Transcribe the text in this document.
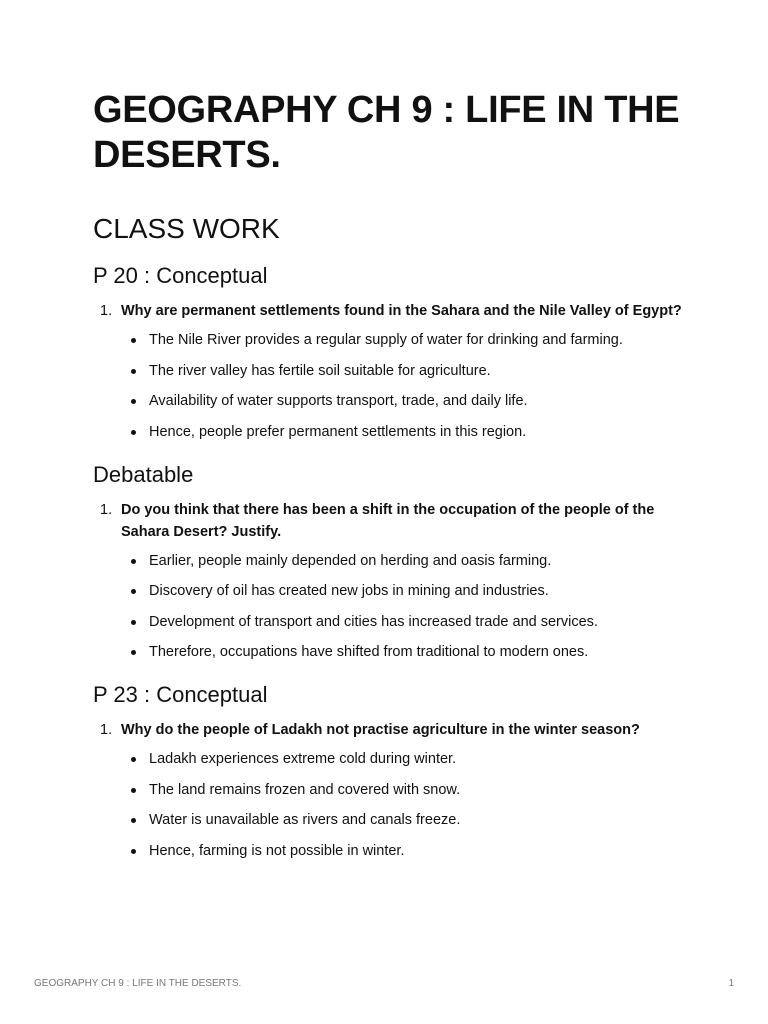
GEOGRAPHY CH 9 : LIFE IN THE DESERTS.
CLASS WORK
P 20 : Conceptual
1. Why are permanent settlements found in the Sahara and the Nile Valley of Egypt?
The Nile River provides a regular supply of water for drinking and farming.
The river valley has fertile soil suitable for agriculture.
Availability of water supports transport, trade, and daily life.
Hence, people prefer permanent settlements in this region.
Debatable
1. Do you think that there has been a shift in the occupation of the people of the Sahara Desert? Justify.
Earlier, people mainly depended on herding and oasis farming.
Discovery of oil has created new jobs in mining and industries.
Development of transport and cities has increased trade and services.
Therefore, occupations have shifted from traditional to modern ones.
P 23 : Conceptual
1. Why do the people of Ladakh not practise agriculture in the winter season?
Ladakh experiences extreme cold during winter.
The land remains frozen and covered with snow.
Water is unavailable as rivers and canals freeze.
Hence, farming is not possible in winter.
GEOGRAPHY CH 9 : LIFE IN THE DESERTS.	1
